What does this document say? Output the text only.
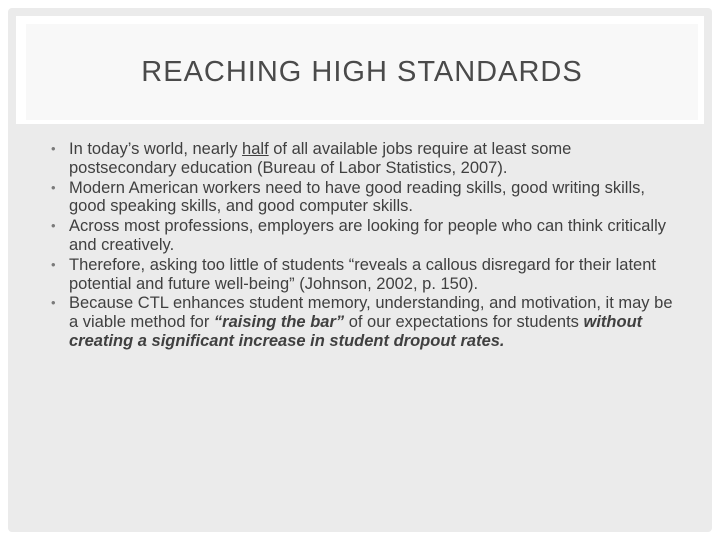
REACHING HIGH STANDARDS
• In today’s world, nearly half of all available jobs require at least some postsecondary education (Bureau of Labor Statistics, 2007).
• Modern American workers need to have good reading skills, good writing skills, good speaking skills, and good computer skills.
• Across most professions, employers are looking for people who can think critically and creatively.
• Therefore, asking too little of students “reveals a callous disregard for their latent potential and future well-being” (Johnson, 2002, p. 150).
• Because CTL enhances student memory, understanding, and motivation, it may be a viable method for “raising the bar” of our expectations for students without creating a significant increase in student dropout rates.
